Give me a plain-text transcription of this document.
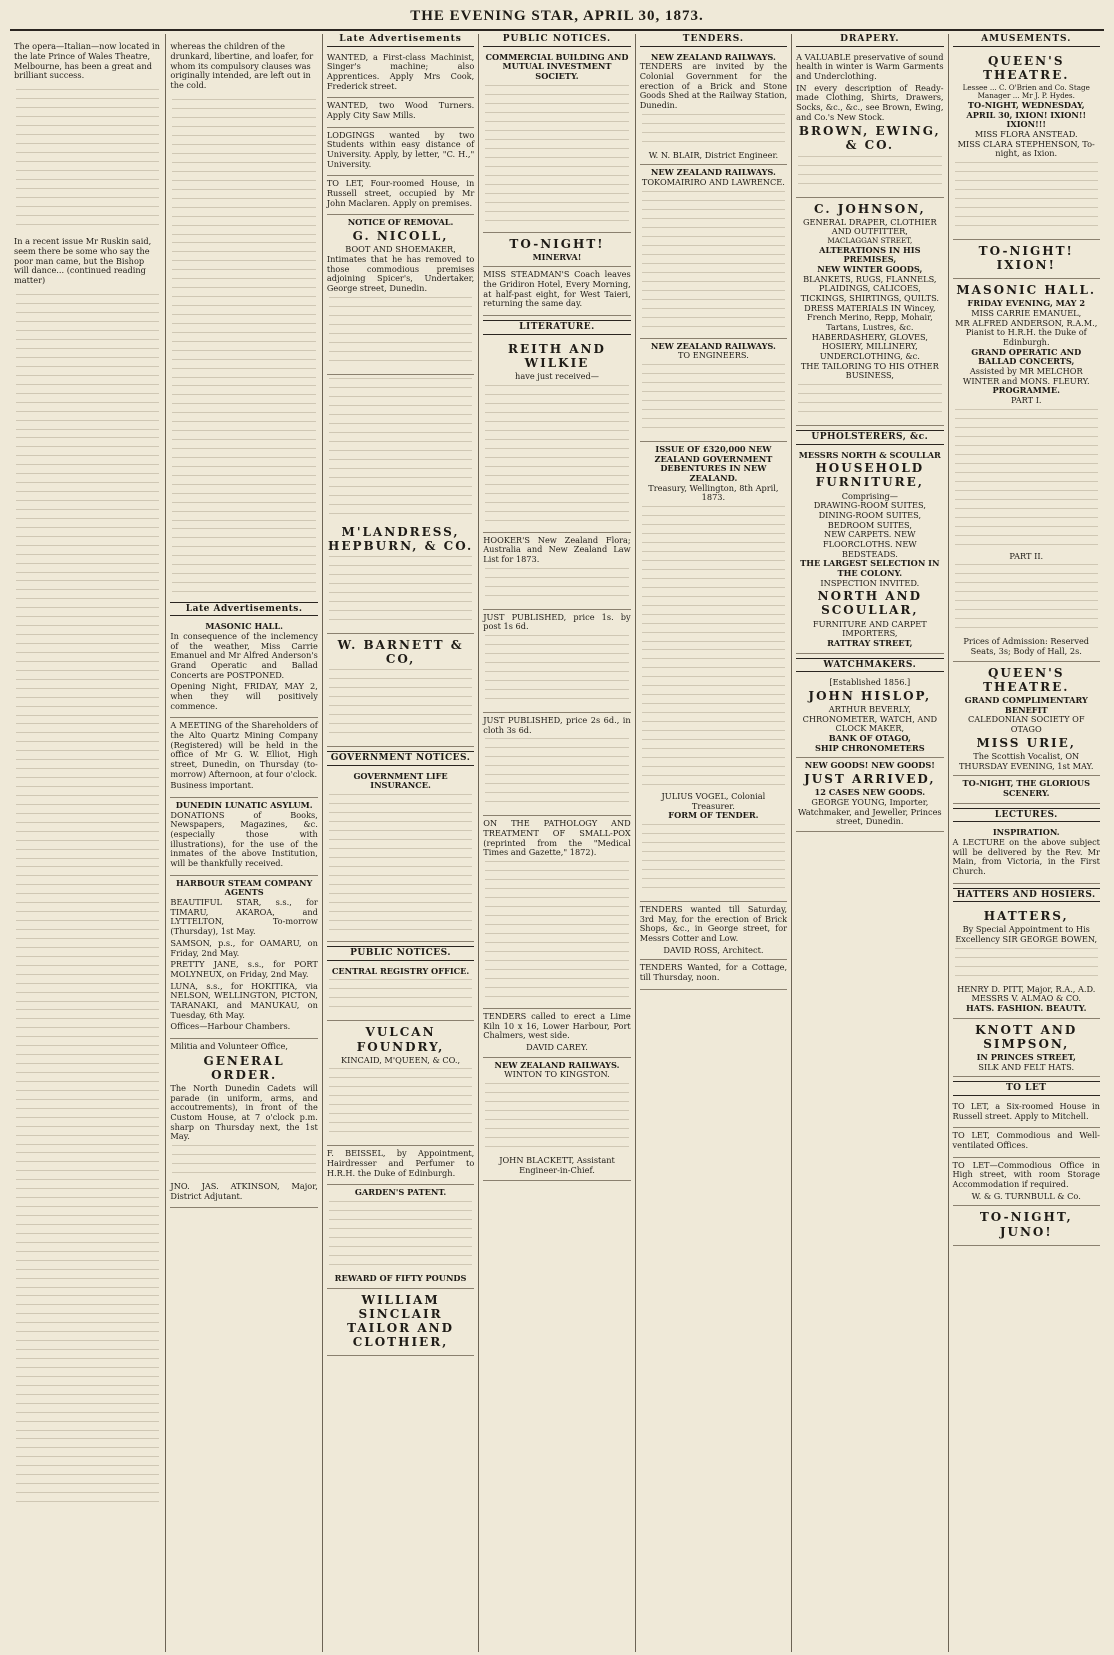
THE EVENING STAR, APRIL 30, 1873.

The opera—Italian—now located in the late Prince of Wales Theatre, Melbourne, has been a great and brilliant success.

In a recent issue Mr Ruskin said, seem there be some who say the poor man came, but the Bishop will dance... (continued reading matter)

whereas the children of the drunkard, libertine, and loafer, for whom its compulsory clauses was originally intended, are left out in the cold.

Late Advertisements.
MASONIC HALL.

In consequence of the inclemency of the weather, Miss Carrie Emanuel and Mr Alfred Anderson's Grand Operatic and Ballad Concerts are POSTPONED.

Opening Night, FRIDAY, MAY 2, when they will positively commence.

A MEETING of the Shareholders of the Alto Quartz Mining Company (Registered) will be held in the office of Mr G. W. Elliot, High street, Dunedin, on Thursday (to-morrow) Afternoon, at four o'clock.

Business important.

DUNEDIN LUNATIC ASYLUM.

DONATIONS of Books, Newspapers, Magazines, &c. (especially those with illustrations), for the use of the inmates of the above Institution, will be thankfully received.

HARBOUR STEAM COMPANY AGENTS

BEAUTIFUL STAR, s.s., for TIMARU, AKAROA, and LYTTELTON, To-morrow (Thursday), 1st May.

SAMSON, p.s., for OAMARU, on Friday, 2nd May.

PRETTY JANE, s.s., for PORT MOLYNEUX, on Friday, 2nd May.

LUNA, s.s., for HOKITIKA, via NELSON, WELLINGTON, PICTON, TARANAKI, and MANUKAU, on Tuesday, 6th May.

Offices—Harbour Chambers.

Militia and Volunteer Office,

GENERAL ORDER.

The North Dunedin Cadets will parade (in uniform, arms, and accoutrements), in front of the Custom House, at 7 o'clock p.m. sharp on Thursday next, the 1st May.

JNO. JAS. ATKINSON, Major, District Adjutant.

Late Advertisements

WANTED, a First-class Machinist, Singer's machine; also Apprentices. Apply Mrs Cook, Frederick street.

WANTED, two Wood Turners. Apply City Saw Mills.

LODGINGS wanted by two Students within easy distance of University. Apply, by letter, "C. H.," University.

TO LET, Four-roomed House, in Russell street, occupied by Mr John Maclaren. Apply on premises.

NOTICE OF REMOVAL.
G. NICOLL,
BOOT AND SHOEMAKER,

Intimates that he has removed to those commodious premises adjoining Spicer's, Undertaker, George street, Dunedin.

M'LANDRESS, HEPBURN, & CO.
W. BARNETT & CO,
GOVERNMENT NOTICES.
GOVERNMENT LIFE INSURANCE.
PUBLIC NOTICES.
CENTRAL REGISTRY OFFICE.
VULCAN FOUNDRY,
KINCAID, M'QUEEN, & CO.,

F. BEISSEL, by Appointment, Hairdresser and Perfumer to H.R.H. the Duke of Edinburgh.

GARDEN'S PATENT.
REWARD OF FIFTY POUNDS
WILLIAM SINCLAIR TAILOR AND CLOTHIER,
PUBLIC NOTICES.
COMMERCIAL BUILDING AND MUTUAL INVESTMENT SOCIETY.
TO-NIGHT!
MINERVA!

MISS STEADMAN'S Coach leaves the Gridiron Hotel, Every Morning, at half-past eight, for West Taieri, returning the same day.

LITERATURE.
REITH AND WILKIE
have just received—

HOOKER'S New Zealand Flora; Australia and New Zealand Law List for 1873.

JUST PUBLISHED, price 1s. by post 1s 6d.

JUST PUBLISHED, price 2s 6d., in cloth 3s 6d.

ON THE PATHOLOGY AND TREATMENT OF SMALL-POX (reprinted from the "Medical Times and Gazette," 1872).

TENDERS called to erect a Lime Kiln 10 x 16, Lower Harbour, Port Chalmers, west side.

DAVID CAREY.
NEW ZEALAND RAILWAYS.
WINTON TO KINGSTON.
JOHN BLACKETT, Assistant Engineer-in-Chief.
TENDERS.
NEW ZEALAND RAILWAYS.

TENDERS are invited by the Colonial Government for the erection of a Brick and Stone Goods Shed at the Railway Station, Dunedin.

W. N. BLAIR, District Engineer.
NEW ZEALAND RAILWAYS.
TOKOMAIRIRO AND LAWRENCE.
NEW ZEALAND RAILWAYS.
TO ENGINEERS.
ISSUE OF £320,000 NEW ZEALAND GOVERNMENT DEBENTURES IN NEW ZEALAND.
Treasury, Wellington, 8th April, 1873.
JULIUS VOGEL, Colonial Treasurer.
FORM OF TENDER.

TENDERS wanted till Saturday, 3rd May, for the erection of Brick Shops, &c., in George street, for Messrs Cotter and Low.

DAVID ROSS, Architect.

TENDERS Wanted, for a Cottage, till Thursday, noon.

DRAPERY.

A VALUABLE preservative of sound health in winter is Warm Garments and Underclothing.

IN every description of Ready-made Clothing, Shirts, Drawers, Socks, &c., &c., see Brown, Ewing, and Co.'s New Stock.

BROWN, EWING, & CO.
C. JOHNSON,
GENERAL DRAPER, CLOTHIER AND OUTFITTER,
MACLAGGAN STREET,
ALTERATIONS IN HIS PREMISES,
NEW WINTER GOODS,
BLANKETS, RUGS, FLANNELS, PLAIDINGS, CALICOES, TICKINGS, SHIRTINGS, QUILTS.
DRESS MATERIALS IN Wincey, French Merino, Repp, Mohair, Tartans, Lustres, &c.
HABERDASHERY, GLOVES, HOSIERY, MILLINERY, UNDERCLOTHING, &c.
THE TAILORING TO HIS OTHER BUSINESS,
UPHOLSTERERS, &c.
MESSRS NORTH & SCOULLAR
HOUSEHOLD FURNITURE,
Comprising—
DRAWING-ROOM SUITES,
DINING-ROOM SUITES,
BEDROOM SUITES,
NEW CARPETS. NEW FLOORCLOTHS. NEW BEDSTEADS.
THE LARGEST SELECTION IN THE COLONY.
INSPECTION INVITED.
NORTH AND SCOULLAR,
FURNITURE AND CARPET IMPORTERS,
RATTRAY STREET,
WATCHMAKERS.
[Established 1856.]
JOHN HISLOP,
ARTHUR BEVERLY, CHRONOMETER, WATCH, AND CLOCK MAKER,
BANK OF OTAGO,
SHIP CHRONOMETERS
NEW GOODS! NEW GOODS!
JUST ARRIVED,
12 CASES NEW GOODS.
GEORGE YOUNG, Importer, Watchmaker, and Jeweller, Princes street, Dunedin.
AMUSEMENTS.
QUEEN'S THEATRE.
Lessee ... C. O'Brien and Co. Stage Manager ... Mr J. P. Hydes.
TO-NIGHT, WEDNESDAY, APRIL 30, IXION! IXION!! IXION!!!
MISS FLORA ANSTEAD.
MISS CLARA STEPHENSON, To-night, as Ixion.
TO-NIGHT! IXION!
MASONIC HALL.
FRIDAY EVENING, MAY 2
MISS CARRIE EMANUEL,
MR ALFRED ANDERSON, R.A.M., Pianist to H.R.H. the Duke of Edinburgh.
GRAND OPERATIC AND BALLAD CONCERTS,
Assisted by MR MELCHOR WINTER and MONS. FLEURY.
PROGRAMME.
PART I.
PART II.
Prices of Admission: Reserved Seats, 3s; Body of Hall, 2s.
QUEEN'S THEATRE.
GRAND COMPLIMENTARY BENEFIT
CALEDONIAN SOCIETY OF OTAGO
MISS URIE,
The Scottish Vocalist, ON THURSDAY EVENING, 1st MAY.
TO-NIGHT, THE GLORIOUS SCENERY.
LECTURES.
INSPIRATION.

A LECTURE on the above subject will be delivered by the Rev. Mr Main, from Victoria, in the First Church.

HATTERS AND HOSIERS.
HATTERS,
By Special Appointment to His Excellency SIR GEORGE BOWEN,
HENRY D. PITT, Major, R.A., A.D.
MESSRS V. ALMAO & CO.
HATS. FASHION. BEAUTY.
KNOTT AND SIMPSON,
IN PRINCES STREET,
SILK AND FELT HATS.
TO LET

TO LET, a Six-roomed House in Russell street. Apply to Mitchell.

TO LET, Commodious and Well-ventilated Offices.

TO LET—Commodious Office in High street, with room Storage Accommodation if required.

W. & G. TURNBULL & Co.
TO-NIGHT, JUNO!
